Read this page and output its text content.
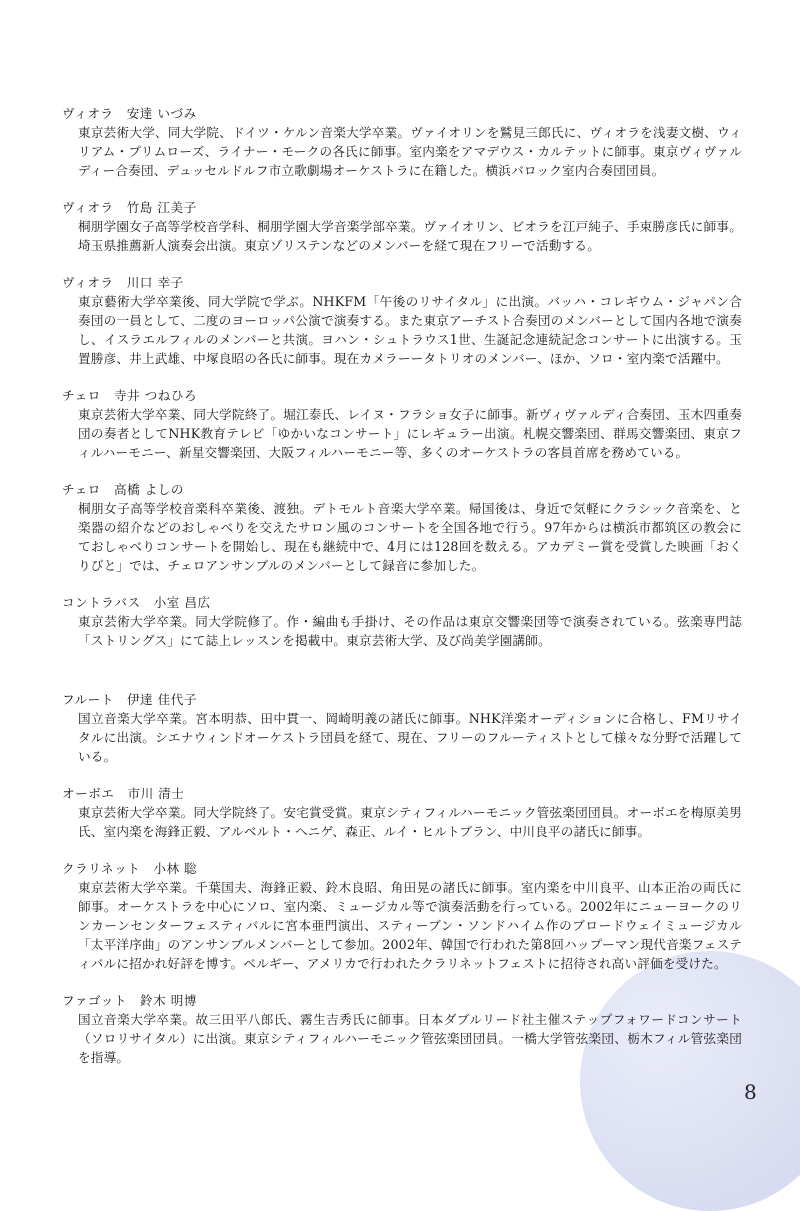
ヴィオラ　安達 いづみ
東京芸術大学、同大学院、ドイツ・ケルン音楽大学卒業。ヴァイオリンを鷲見三郎氏に、ヴィオラを浅妻文樹、ウィリアム・プリムローズ、ライナー・モークの各氏に師事。室内楽をアマデウス・カルテットに師事。東京ヴィヴァルディー合奏団、デュッセルドルフ市立歌劇場オーケストラに在籍した。横浜バロック室内合奏団団員。
ヴィオラ　竹島 江美子
桐朋学園女子高等学校音学科、桐朋学園大学音楽学部卒業。ヴァイオリン、ビオラを江戸純子、手束勝彦氏に師事。埼玉県推薦新人演奏会出演。東京ゾリステンなどのメンバーを経て現在フリーで活動する。
ヴィオラ　川口 幸子
東京藝術大学卒業後、同大学院で学ぶ。NHKFM「午後のリサイタル」に出演。バッハ・コレギウム・ジャパン合奏団の一員として、二度のヨーロッパ公演で演奏する。また東京アーチスト合奏団のメンバーとして国内各地で演奏し、イスラエルフィルのメンバーと共演。ヨハン・シュトラウス1世、生誕記念連続記念コンサートに出演する。玉置勝彦、井上武雄、中塚良昭の各氏に師事。現在カメラーータトリオのメンバー、ほか、ソロ・室内楽で活躍中。
チェロ　寺井 つねひろ
東京芸術大学卒業、同大学院終了。堀江泰氏、レイヌ・フラショ女子に師事。新ヴィヴァルディ合奏団、玉木四重奏団の奏者としてNHK教育テレビ「ゆかいなコンサート」にレギュラー出演。札幌交響楽団、群馬交響楽団、東京フィルハーモニー、新星交響楽団、大阪フィルハーモニー等、多くのオーケストラの客員首席を務めている。
チェロ　高橋 よしの
桐朋女子高等学校音楽科卒業後、渡独。デトモルト音楽大学卒業。帰国後は、身近で気軽にクラシック音楽を、と楽器の紹介などのおしゃべりを交えたサロン風のコンサートを全国各地で行う。97年からは横浜市都筑区の教会にておしゃべりコンサートを開始し、現在も継続中で、4月には128回を数える。アカデミー賞を受賞した映画「おくりびと」では、チェロアンサンブルのメンバーとして録音に参加した。
コントラバス　小室 昌広
東京芸術大学卒業。同大学院修了。作・編曲も手掛け、その作品は東京交響楽団等で演奏されている。弦楽専門誌「ストリングス」にて誌上レッスンを掲載中。東京芸術大学、及び尚美学園講師。
フルート　伊達 佳代子
国立音楽大学卒業。宮本明恭、田中貫一、岡崎明義の諸氏に師事。NHK洋楽オーディションに合格し、FMリサイタルに出演。シエナウィンドオーケストラ団員を経て、現在、フリーのフルーティストとして様々な分野で活躍している。
オーボエ　市川 清士
東京芸術大学卒業。同大学院終了。安宅賞受賞。東京シティフィルハーモニック管弦楽団団員。オーボエを梅原美男氏、室内楽を海鋒正毅、アルベルト・ヘニゲ、森正、ルイ・ヒルトブラン、中川良平の諸氏に師事。
クラリネット　小林 聡
東京芸術大学卒業。千葉国夫、海鋒正毅、鈴木良昭、角田晃の諸氏に師事。室内楽を中川良平、山本正治の両氏に師事。オーケストラを中心にソロ、室内楽、ミュージカル等で演奏活動を行っている。2002年にニューヨークのリンカーンセンターフェスティバルに宮本亜門演出、スティーブン・ソンドハイム作のブロードウェイミュージカル「太平洋序曲」のアンサンブルメンバーとして参加。2002年、韓国で行われた第8回ハップーマン現代音楽フェスティバルに招かれ好評を博す。ベルギー、アメリカで行われたクラリネットフェストに招待され高い評価を受けた。
ファゴット　鈴木 明博
国立音楽大学卒業。故三田平八郎氏、霧生吉秀氏に師事。日本ダブルリード社主催ステップフォワードコンサート（ソロリサイタル）に出演。東京シティフィルハーモニック管弦楽団団員。一橋大学管弦楽団、栃木フィル管弦楽団を指導。
8
